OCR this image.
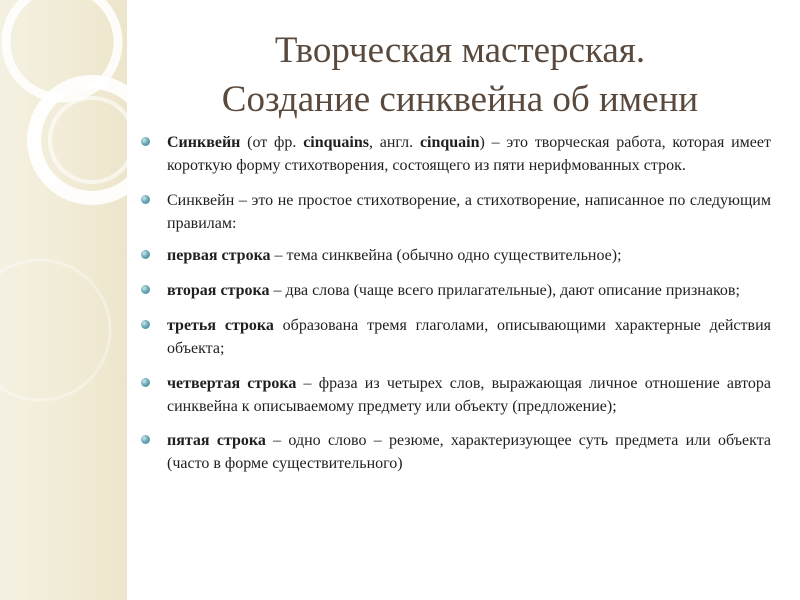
Творческая мастерская.
Создание синквейна об имени
Синквейн (от фр. cinquains, англ. cinquain) – это творческая работа, которая имеет короткую форму стихотворения, состоящего из пяти нерифмованных строк.
Синквейн – это не простое стихотворение, а стихотворение, написанное по следующим правилам:
первая строка – тема синквейна (обычно одно существительное);
вторая строка – два слова (чаще всего прилагательные), дают описание признаков;
третья строка образована тремя глаголами, описывающими характерные действия объекта;
четвертая строка – фраза из четырех слов, выражающая личное отношение автора синквейна к описываемому предмету или объекту (предложение);
пятая строка – одно слово – резюме, характеризующее суть предмета или объекта (часто в форме существительного)
